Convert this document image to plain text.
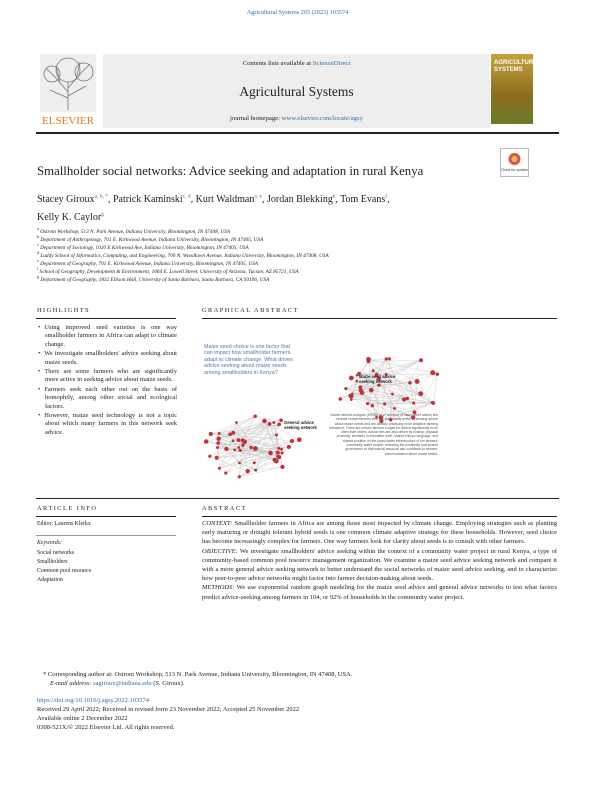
Agricultural Systems 205 (2023) 103574
ELSEVIER
Contents lists available at ScienceDirect
Agricultural Systems
journal homepage: www.elsevier.com/locate/agsy
AGRICULTURAL SYSTEMS
Smallholder social networks: Advice seeking and adaptation in rural Kenya	Check for updates
Stacey Giroux$^{a, b, *}$, Patrick Kaminski$^{c, d}$, Kurt Waldman$^{a, e}$, Jordan Blekking$^e$, Tom Evans$^f$,
Kelly K. Caylor$^g$
$^a$ Ostrom Workshop, 513 N. Park Avenue, Indiana University, Bloomington, IN 47408, USA
$^b$ Department of Anthropology, 701 E. Kirkwood Avenue, Indiana University, Bloomington, IN 47405, USA
$^c$ Department of Sociology, 1020 E Kirkwood Ave, Indiana University, Bloomington, IN 47405, USA
$^d$ Luddy School of Informatics, Computing, and Engineering, 700 N. Woodlawn Avenue, Indiana University, Bloomington, IN 47408, USA
$^e$ Department of Geography, 701 E. Kirkwood Avenue, Indiana University, Bloomington, IN 47405, USA
$^f$ School of Geography, Development & Environment, 1064 E. Lowell Street, University of Arizona, Tucson, AZ 85721, USA
$^g$ Department of Geography, 1832 Ellison Hall, University of Santa Barbara, Santa Barbara, CA 93106, USA
HIGHLIGHTS
• Using improved seed varieties is one way smallholder farmers in Africa can adapt to climate change.
• We investigate smallholders' advice seeking about maize seeds.
• There are some farmers who are significantly more active in seeking advice about maize seeds.
• Farmers seek each other out on the basis of homophily, among other social and ecological factors.
• However, maize seed technology is not a topic about which many farmers in this network seek advice.
GRAPHICAL ABSTRACT
Maize seed choice is one factor that can impact how smallholder farmers adapt to climate change. What drives advice seeking about maize seeds among smallholders in Kenya?
Maize seed advice seeking network
General advice seeking network
Social network analysis (ERGM or p* models) of maize seed advice ties reveals certain farmers who are particularly active in seeking advice about maize seeds and are already practicing more adaptive farming behaviors. There are certain farmers sought for advice significantly more often than others. Advice ties are also driven by kinship, physical proximity, similarity in education level, shared Kikuyu language, and shared position on the piped water infrastructure of the farmers' community water project, reflecting the possibility that shared governance of that natural resource can contribute to farmers' communication about maize seeds.
ARTICLE INFO
Editor: Laurens Klerkx
Keywords:
Social networks
Smallholders
Common pool resource
Adaptation
ABSTRACT

CONTEXT: Smallholder farmers in Africa are among those most impacted by climate change. Employing strategies such as planting early maturing or drought tolerant hybrid seeds is one common climate adaptive strategy for these households. However, seed choice has become increasingly complex for farmers. One way farmers look for clarity about seeds is to consult with other farmers.

OBJECTIVE: We investigate smallholders' advice seeking within the context of a community water project in rural Kenya, a type of community-based common pool resource management organization. We examine a maize seed advice seeking network and compare it with a more general advice seeking network to better understand the social networks of maize seed advice seeking, and to characterize how peer-to-peer advice networks might factor into farmer decision-making about seeds.

METHODS: We use exponential random graph modeling for the maize seed advice and general advice networks to test what factors predict advice-seeking among farmers in 104, or 92% of households in the community water project.

* Corresponding author at: Ostrom Workshop, 513 N. Park Avenue, Indiana University, Bloomington, IN 47408, USA.
E-mail address: sagiroux@indiana.edu (S. Giroux).
https://doi.org/10.1016/j.agsy.2022.103574
Received 29 April 2022; Received in revised form 23 November 2022; Accepted 25 November 2022
Available online 2 December 2022
0308-521X/© 2022 Elsevier Ltd. All rights reserved.
